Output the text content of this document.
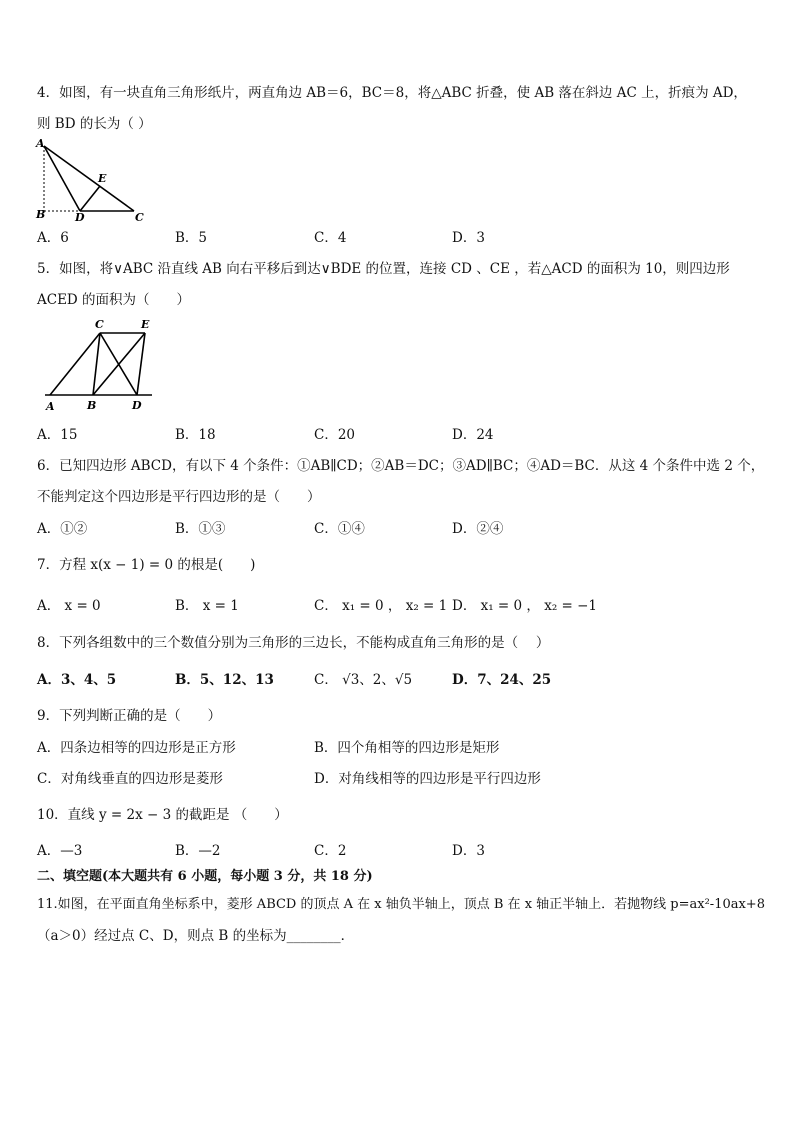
4．如图，有一块直角三角形纸片，两直角边 AB＝6，BC＝8，将△ABC 折叠，使 AB 落在斜边 AC 上，折痕为 AD，
则 BD 的长为（ ）
A
B	D	C
E
A．6	B．5	C．4	D．3
5．如图，将∨ABC 沿直线 AB 向右平移后到达∨BDE 的位置，连接 CD 、CE ，若△ACD 的面积为 10，则四边形
ACED 的面积为（　　）
C	E
A	B	D
A．15	B．18	C．20	D．24
6．已知四边形 ABCD，有以下 4 个条件：①AB∥CD；②AB＝DC；③AD∥BC；④AD＝BC．从这 4 个条件中选 2 个，
不能判定这个四边形是平行四边形的是（　　）
A．①②	B．①③	C．①④	D．②④
7．方程 x(x − 1) = 0 的根是(　　)
A． x = 0	B． x = 1	C． x₁ = 0 ， x₂ = 1 D． x₁ = 0 ， x₂ = −1
8．下列各组数中的三个数值分别为三角形的三边长，不能构成直角三角形的是（　 ）
A．3、4、5	B．5、12、13	C． √3、2、√5	D．7、24、25
9．下列判断正确的是（　　）
A．四条边相等的四边形是正方形	B．四个角相等的四边形是矩形
C．对角线垂直的四边形是菱形	D．对角线相等的四边形是平行四边形
10．直线 y = 2x − 3 的截距是 （　　）
A．—3	B．—2	C．2	D．3
二、填空题(本大题共有 6 小题，每小题 3 分，共 18 分)
11.如图，在平面直角坐标系中，菱形 ABCD 的顶点 A 在 x 轴负半轴上，顶点 B 在 x 轴正半轴上．若抛物线 p=ax²-10ax+8
（a＞0）经过点 C、D，则点 B 的坐标为________．
